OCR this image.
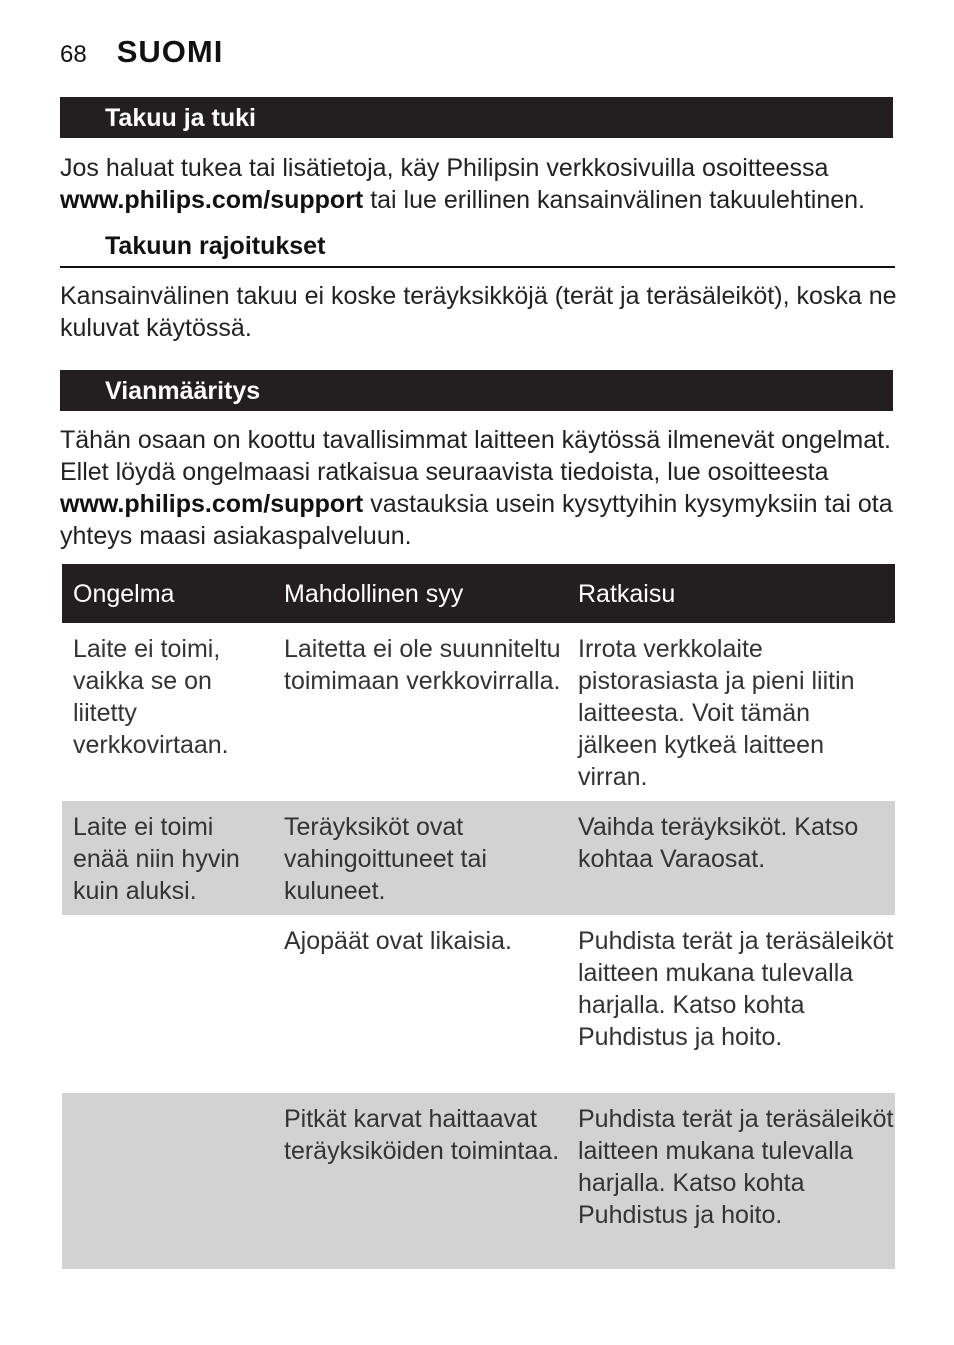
68 SUOMI
Takuu ja tuki
Jos haluat tukea tai lisätietoja, käy Philipsin verkkosivuilla osoitteessa www.philips.com/support tai lue erillinen kansainvälinen takuulehtinen.
Takuun rajoitukset
Kansainvälinen takuu ei koske teräyksikköjä (terät ja teräsäleiköt), koska ne kuluvat käytössä.
Vianmääritys
Tähän osaan on koottu tavallisimmat laitteen käytössä ilmenevät ongelmat. Ellet löydä ongelmaasi ratkaisua seuraavista tiedoista, lue osoitteesta www.philips.com/support vastauksia usein kysyttyihin kysymyksiin tai ota yhteys maasi asiakaspalveluun.
Ongelma	Mahdollinen syy	Ratkaisu
Laite ei toimi, vaikka se on liitetty verkkovirtaan.	Laitetta ei ole suunniteltu toimimaan verkkovirralla.	Irrota verkkolaite pistorasiasta ja pieni liitin laitteesta. Voit tämän jälkeen kytkeä laitteen virran.
Laite ei toimi enää niin hyvin kuin aluksi.	Teräyksiköt ovat vahingoittuneet tai kuluneet.	Vaihda teräyksiköt. Katso kohtaa Varaosat.
	Ajopäät ovat likaisia.	Puhdista terät ja teräsäleiköt laitteen mukana tulevalla harjalla. Katso kohta Puhdistus ja hoito.
	Pitkät karvat haittaavat teräyksiköiden toimintaa.	Puhdista terät ja teräsäleiköt laitteen mukana tulevalla harjalla. Katso kohta Puhdistus ja hoito.
